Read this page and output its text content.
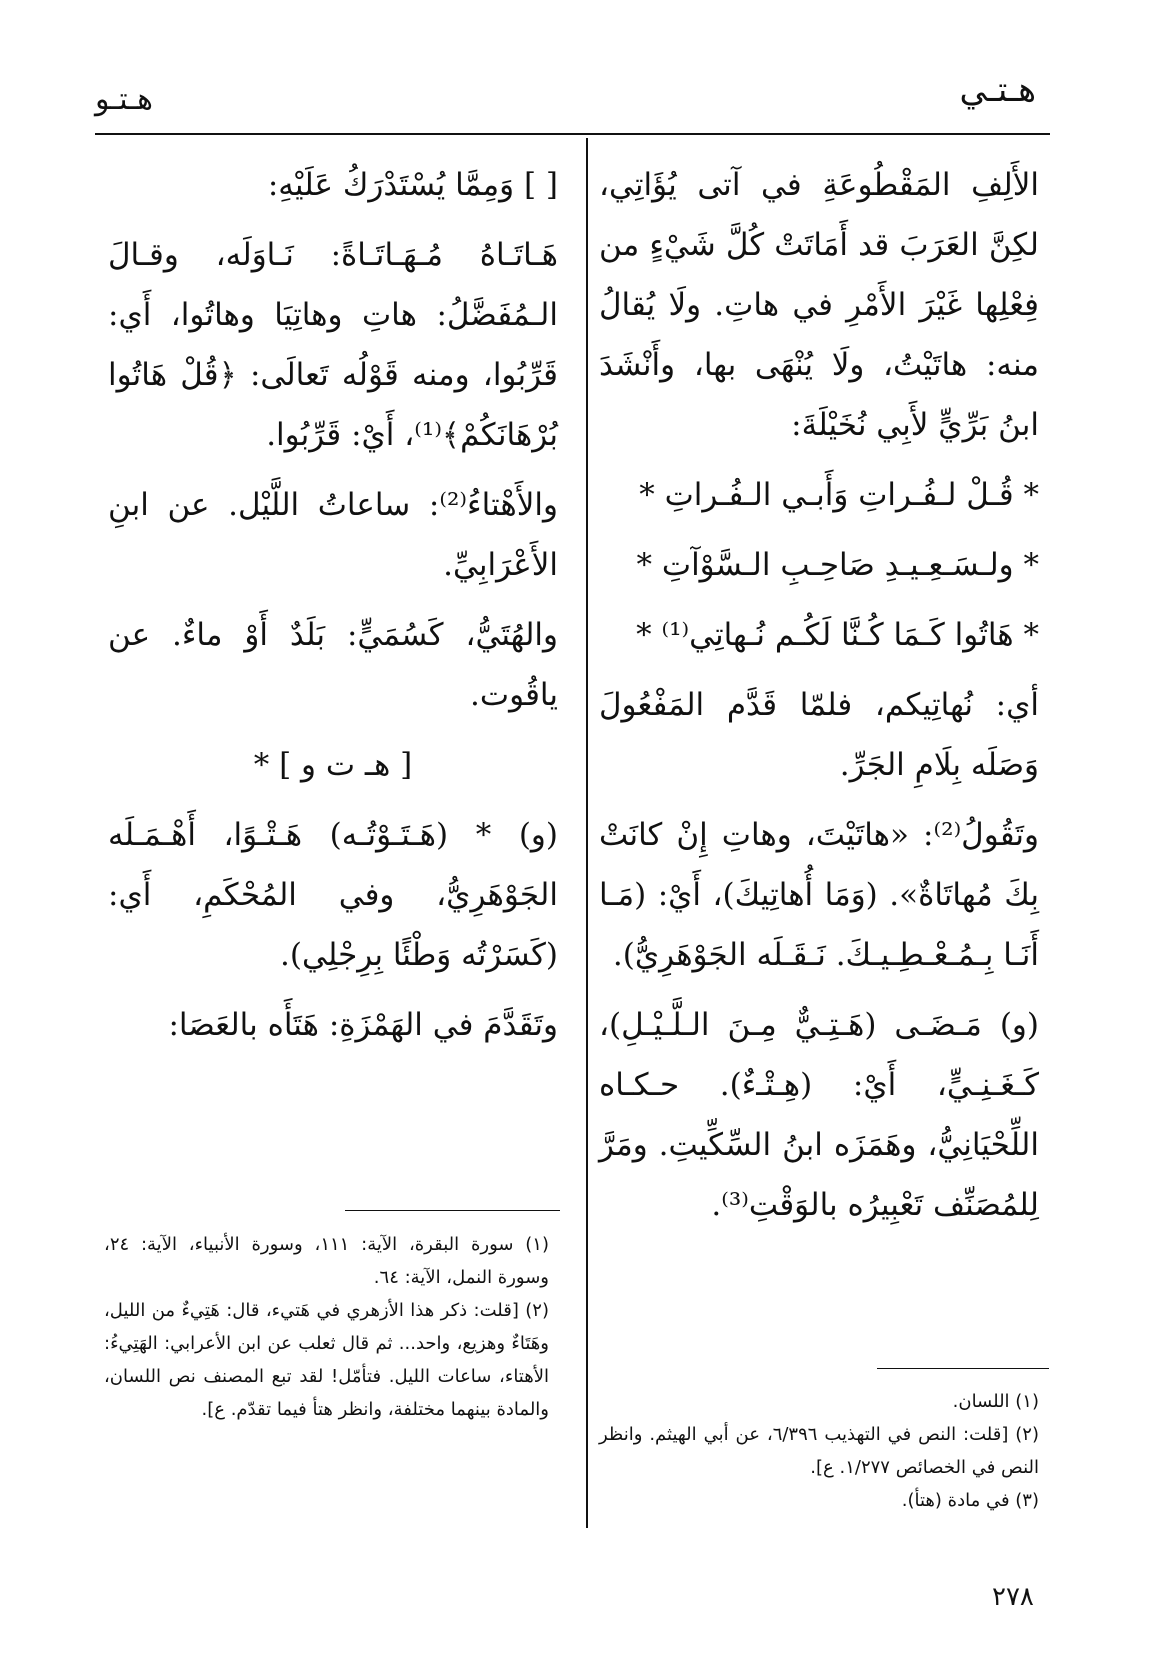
هـتـي
هـتـو

الأَلِفِ المَقْطُوعَةِ في آتى يُؤَاتِي، لكِنَّ العَرَبَ قد أَمَاتَتْ كُلَّ شَيْءٍ من فِعْلِها غَيْرَ الأَمْرِ في هاتِ. ولَا يُقالُ منه: هاتَيْتُ، ولَا يُنْهَى بها، وأَنْشَدَ ابنُ بَرِّيٍّ لأَبِي نُخَيْلَةَ:

* قُـلْ لـفُـراتِ وَأَبـي الـفُـراتِ *

* ولـسَـعِـيـدِ صَاحِـبِ الـسَّوْآتِ *

* هَاتُوا كَـمَا كُـنَّا لَكُـم نُـهاتِي⁽¹⁾ *

أي: نُهاتِيكم، فلمّا قَدَّم المَفْعُولَ وَصَلَه بِلَامِ الجَرِّ.

وتَقُولُ⁽²⁾: «هاتَيْتَ، وهاتِ إِنْ كانَتْ بِكَ مُهاتَاةٌ». (وَمَا أُهاتِيكَ)، أَيْ: (مَـا أَنَـا بِـمُـعْـطِـيـكَ. نَـقَـلَه الجَوْهَرِيُّ).

(و) مَـضَـى (هَـتِـيٌّ مِـنَ الـلَّـيْـلِ)، كَـغَـنِـيٍّ، أَيْ: (هِـتْـءٌ). حـكـاه اللِّحْيَانِيُّ، وهَمَزَه ابنُ السِّكِّيتِ. ومَرَّ لِلمُصَنِّف تَعْبِيرُه بالوَقْتِ⁽³⁾.

[ ] وَمِمَّا يُسْتَدْرَكُ عَلَيْهِ:

هَـاتَـاهُ مُـهَـاتَـاةً: نَـاوَلَه، وقـالَ الـمُفَضَّلُ: هاتِ وهاتِيَا وهاتُوا، أَي: قَرِّبُوا، ومنه قَوْلُه تَعالَى: ﴿قُلْ هَاتُوا بُرْهَانَكُمْ﴾⁽¹⁾، أَيْ: قَرِّبُوا.

والأَهْتاءُ⁽²⁾: ساعاتُ اللَّيْل. عن ابنِ الأَعْرَابِيِّ.

والهُتَيُّ، كَسُمَيٍّ: بَلَدٌ أَوْ ماءٌ. عن ياقُوت.

[ هـ ت و ] *

(و) * (هَـتَـوْتُـه) هَـتْـوًا، أَهْـمَـلَه الجَوْهَرِيُّ، وفي المُحْكَمِ، أَي: (كَسَرْتُه وَطْئًا بِرِجْلِي).

وتَقَدَّمَ في الهَمْزَةِ: هَتَأَه بالعَصَا:

(١) سورة البقرة، الآية: ١١١، وسورة الأنبياء، الآية: ٢٤، وسورة النمل، الآية: ٦٤.
(٢) [قلت: ذكر هذا الأزهري في هَتيء، قال: هَتِيءٌ من الليل، وهَتَاءٌ وهزيع، واحد... ثم قال ثعلب عن ابن الأعرابي: الهَتِيءُ: الأهتاء، ساعات الليل. فتأمّل! لقد تبع المصنف نص اللسان، والمادة بينهما مختلفة، وانظر هتأ فيما تقدّم. ع].	(١) اللسان.
(٢) [قلت: النص في التهذيب ٦/٣٩٦، عن أبي الهيثم. وانظر النص في الخصائص ١/٢٧٧. ع].
(٣) في مادة (هتأ).
٢٧٨
